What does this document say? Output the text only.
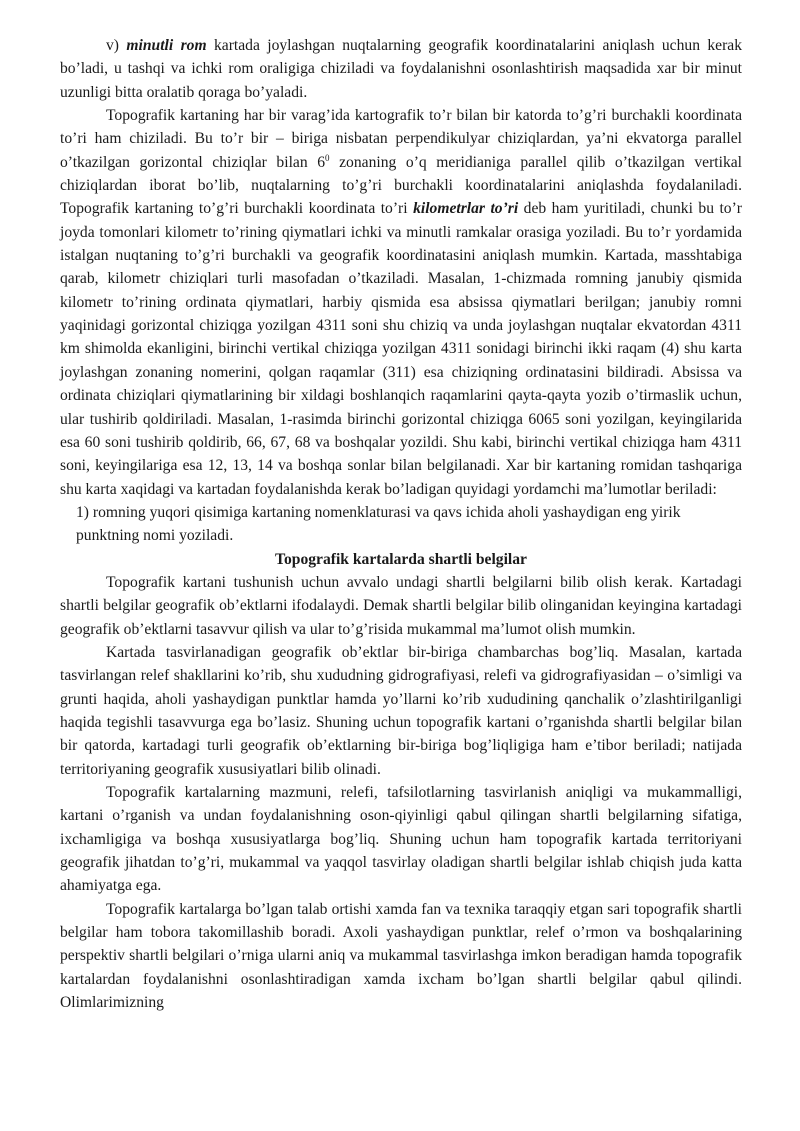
v) minutli rom kartada joylashgan nuqtalarning geografik koordinatalarini aniqlash uchun kerak bo’ladi, u tashqi va ichki rom oraligiga chiziladi va foydalanishni osonlashtirish maqsadida xar bir minut uzunligi bitta oralatib qoraga bo’yaladi.

Topografik kartaning har bir varag’ida kartografik to’r bilan bir katorda to’g’ri burchakli koordinata to’ri ham chiziladi. Bu to’r bir – biriga nisbatan perpendikulyar chiziqlardan, ya’ni ekvatorga parallel o’tkazilgan gorizontal chiziqlar bilan $6^0$ zonaning o’q meridianiga parallel qilib o’tkazilgan vertikal chiziqlardan iborat bo’lib, nuqtalarning to’g’ri burchakli koordinatalarini aniqlashda foydalaniladi. Topografik kartaning to’g’ri burchakli koordinata to’ri kilometrlar to’ri deb ham yuritiladi, chunki bu to’r joyda tomonlari kilometr to’rining qiymatlari ichki va minutli ramkalar orasiga yoziladi. Bu to’r yordamida istalgan nuqtaning to’g’ri burchakli va geografik koordinatasini aniqlash mumkin. Kartada, masshtabiga qarab, kilometr chiziqlari turli masofadan o’tkaziladi. Masalan, 1-chizmada romning janubiy qismida kilometr to’rining ordinata qiymatlari, harbiy qismida esa absissa qiymatlari berilgan; janubiy romni yaqinidagi gorizontal chiziqga yozilgan 4311 soni shu chiziq va unda joylashgan nuqtalar ekvatordan 4311 km shimolda ekanligini, birinchi vertikal chiziqga yozilgan 4311 sonidagi birinchi ikki raqam (4) shu karta joylashgan zonaning nomerini, qolgan raqamlar (311) esa chiziqning ordinatasini bildiradi. Absissa va ordinata chiziqlari qiymatlarining bir xildagi boshlanqich raqamlarini qayta-qayta yozib o’tirmaslik uchun, ular tushirib qoldiriladi. Masalan, 1-rasimda birinchi gorizontal chiziqga 6065 soni yozilgan, keyingilarida esa 60 soni tushirib qoldirib, 66, 67, 68 va boshqalar yozildi. Shu kabi, birinchi vertikal chiziqga ham 4311 soni, keyingilariga esa 12, 13, 14 va boshqa sonlar bilan belgilanadi. Xar bir kartaning romidan tashqariga shu karta xaqidagi va kartadan foydalanishda kerak bo’ladigan quyidagi yordamchi ma’lumotlar beriladi:

1) romning yuqori qisimiga kartaning nomenklaturasi va qavs ichida aholi yashaydigan eng yirik punktning nomi yoziladi.

Topografik kartalarda shartli belgilar

Topografik kartani tushunish uchun avvalo undagi shartli belgilarni bilib olish kerak. Kartadagi shartli belgilar geografik ob’ektlarni ifodalaydi. Demak shartli belgilar bilib olinganidan keyingina kartadagi geografik ob’ektlarni tasavvur qilish va ular to’g’risida mukammal ma’lumot olish mumkin.

Kartada tasvirlanadigan geografik ob’ektlar bir-biriga chambarchas bog’liq. Masalan, kartada tasvirlangan relef shakllarini ko’rib, shu xududning gidrografiyasi, relefi va gidrografiyasidan – o’simligi va grunti haqida, aholi yashaydigan punktlar hamda yo’llarni ko’rib xududining qanchalik o’zlashtirilganligi haqida tegishli tasavvurga ega bo’lasiz. Shuning uchun topografik kartani o’rganishda shartli belgilar bilan bir qatorda, kartadagi turli geografik ob’ektlarning bir-biriga bog’liqligiga ham e’tibor beriladi; natijada territoriyaning geografik xususiyatlari bilib olinadi.

Topografik kartalarning mazmuni, relefi, tafsilotlarning tasvirlanish aniqligi va mukammalligi, kartani o’rganish va undan foydalanishning oson-qiyinligi qabul qilingan shartli belgilarning sifatiga, ixchamligiga va boshqa xususiyatlarga bog’liq. Shuning uchun ham topografik kartada territoriyani geografik jihatdan to’g’ri, mukammal va yaqqol tasvirlay oladigan shartli belgilar ishlab chiqish juda katta ahamiyatga ega.

Topografik kartalarga bo’lgan talab ortishi xamda fan va texnika taraqqiy etgan sari topografik shartli belgilar ham tobora takomillashib boradi. Axoli yashaydigan punktlar, relef o’rmon va boshqalarining perspektiv shartli belgilari o’rniga ularni aniq va mukammal tasvirlashga imkon beradigan hamda topografik kartalardan foydalanishni osonlashtiradigan xamda ixcham bo’lgan shartli belgilar qabul qilindi. Olimlarimizning
